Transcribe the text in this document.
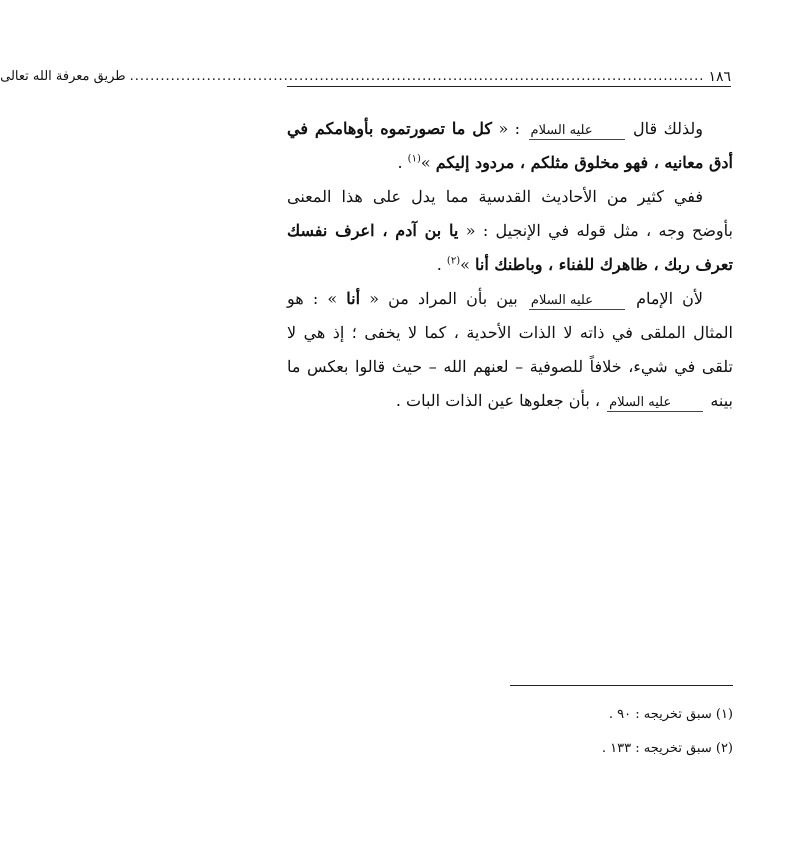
١٨٦
................................................................................................................
طريق معرفة الله تعالى

ولذلك قال عليه السلام : « كل ما تصورتموه بأوهامكم في أدق معانيه ، فهو مخلوق مثلكم ، مردود إليكم »$^{(١)}$ .

ففي كثير من الأحاديث القدسية مما يدل على هذا المعنى بأوضح وجه ، مثل قوله في الإنجيل : « يا بن آدم ، اعرف نفسك تعرف ربك ، ظاهرك للفناء ، وباطنك أنا »$^{(٢)}$ .

لأن الإمام عليه السلام بين بأن المراد من « أنا » : هو المثال الملقى في ذاته لا الذات الأحدية ، كما لا يخفى ؛ إذ هي لا تلقى في شيء، خلافاً للصوفية – لعنهم الله – حيث قالوا بعكس ما بينه عليه السلام ، بأن جعلوها عين الذات البات .

(١) سبق تخريجه : ٩٠ .

(٢) سبق تخريجه : ١٣٣ .
